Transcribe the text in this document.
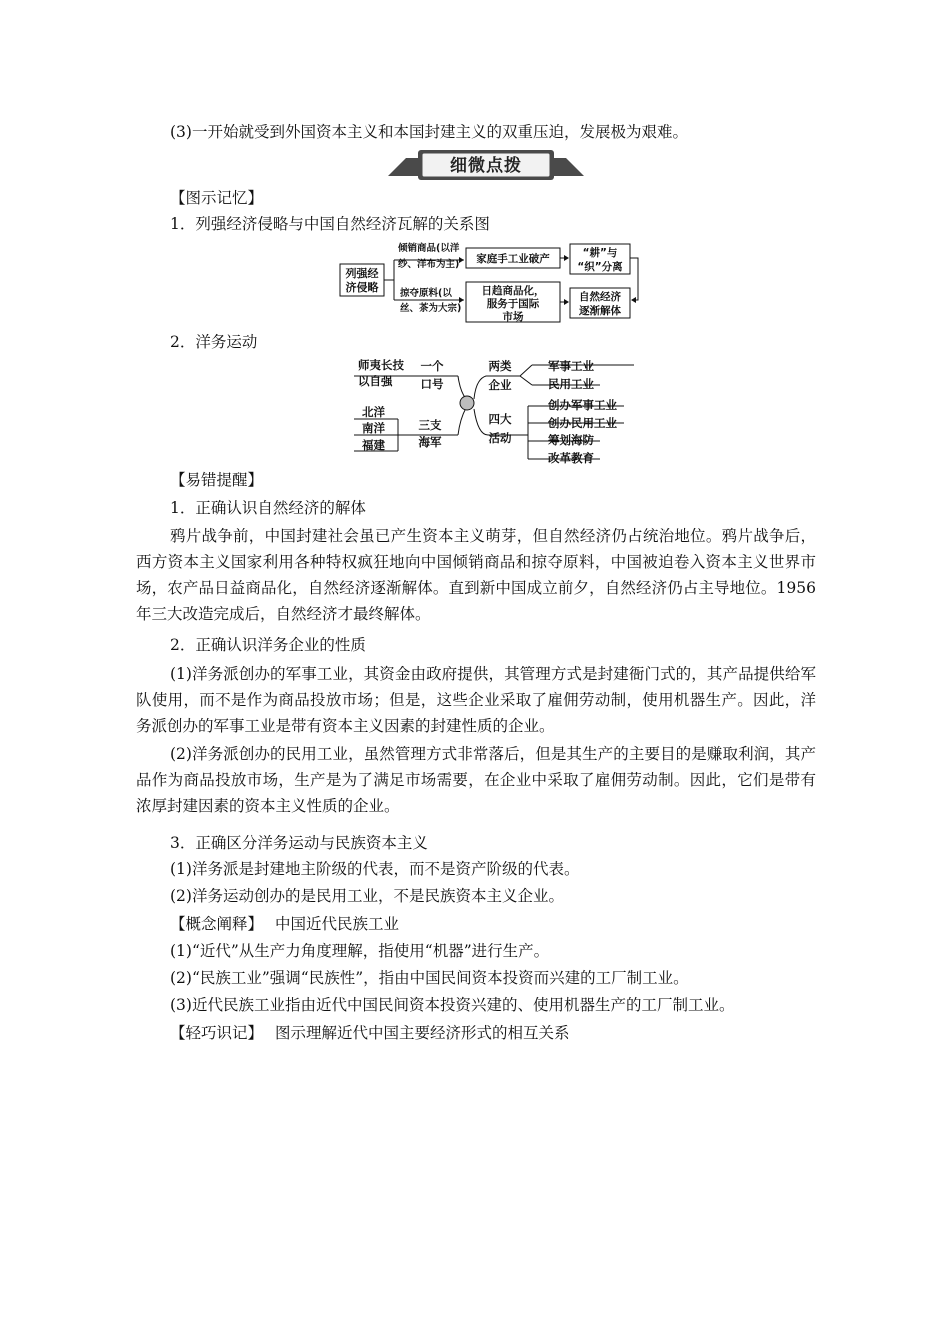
(3)一开始就受到外国资本主义和本国封建主义的双重压迫，发展极为艰难。
细微点拨
【图示记忆】
1．列强经济侵略与中国自然经济瓦解的关系图
列强经
济侵略
倾销商品(以洋
纱、洋布为主)
掠夺原料(以
丝、茶为大宗)
家庭手工业破产	“耕”与
“织”分离
日趋商品化，
服务于国际
市场
自然经济
逐渐解体
2．洋务运动
师夷长技
以自强
一个
口号
北洋
南洋
福建
三支
海军
两类
企业
军事工业
民用工业
四大
活动
创办军事工业
创办民用工业
筹划海防
改革教育
【易错提醒】
1．正确认识自然经济的解体
鸦片战争前，中国封建社会虽已产生资本主义萌芽，但自然经济仍占统治地位。鸦片战争后，西方资本主义国家利用各种特权疯狂地向中国倾销商品和掠夺原料，中国被迫卷入资本主义世界市场，农产品日益商品化，自然经济逐渐解体。直到新中国成立前夕，自然经济仍占主导地位。1956年三大改造完成后，自然经济才最终解体。
2．正确认识洋务企业的性质
(1)洋务派创办的军事工业，其资金由政府提供，其管理方式是封建衙门式的，其产品提供给军队使用，而不是作为商品投放市场；但是，这些企业采取了雇佣劳动制，使用机器生产。因此，洋务派创办的军事工业是带有资本主义因素的封建性质的企业。
(2)洋务派创办的民用工业，虽然管理方式非常落后，但是其生产的主要目的是赚取利润，其产品作为商品投放市场，生产是为了满足市场需要，在企业中采取了雇佣劳动制。因此，它们是带有浓厚封建因素的资本主义性质的企业。
3．正确区分洋务运动与民族资本主义
(1)洋务派是封建地主阶级的代表，而不是资产阶级的代表。
(2)洋务运动创办的是民用工业，不是民族资本主义企业。
【概念阐释】 中国近代民族工业
(1)“近代”从生产力角度理解，指使用“机器”进行生产。
(2)“民族工业”强调“民族性”，指由中国民间资本投资而兴建的工厂制工业。
(3)近代民族工业指由近代中国民间资本投资兴建的、使用机器生产的工厂制工业。
【轻巧识记】 图示理解近代中国主要经济形式的相互关系
